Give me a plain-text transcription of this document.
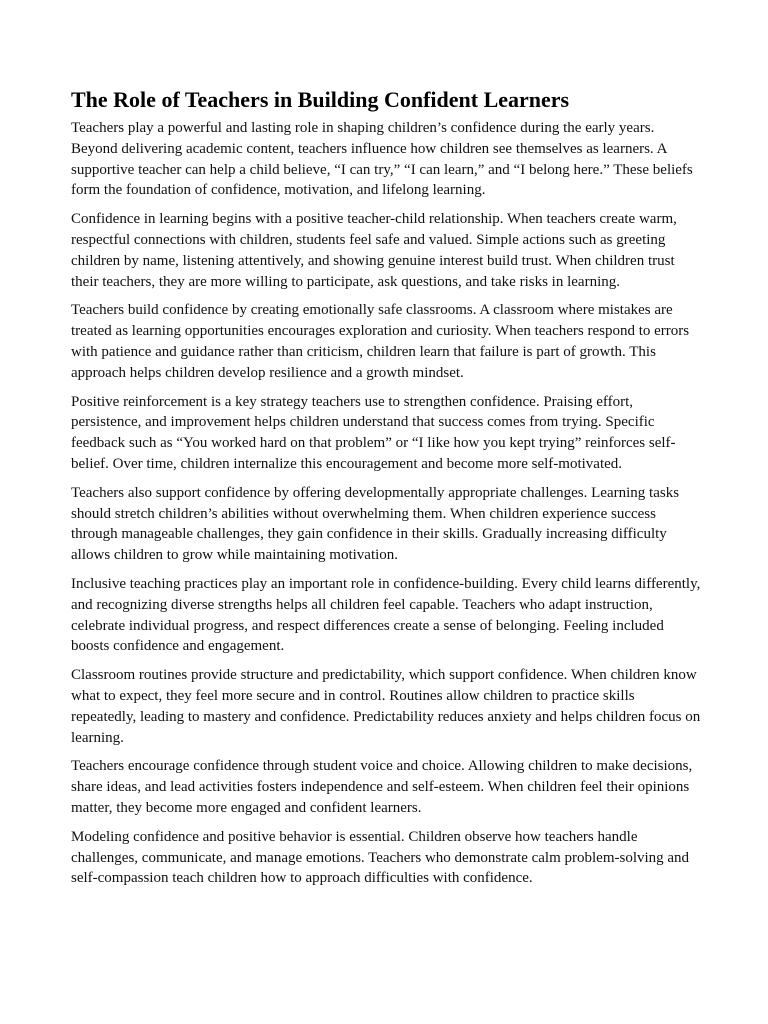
The Role of Teachers in Building Confident Learners

Teachers play a powerful and lasting role in shaping children’s confidence during the early years. Beyond delivering academic content, teachers influence how children see themselves as learners. A supportive teacher can help a child believe, “I can try,” “I can learn,” and “I belong here.” These beliefs form the foundation of confidence, motivation, and lifelong learning.

Confidence in learning begins with a positive teacher-child relationship. When teachers create warm, respectful connections with children, students feel safe and valued. Simple actions such as greeting children by name, listening attentively, and showing genuine interest build trust. When children trust their teachers, they are more willing to participate, ask questions, and take risks in learning.

Teachers build confidence by creating emotionally safe classrooms. A classroom where mistakes are treated as learning opportunities encourages exploration and curiosity. When teachers respond to errors with patience and guidance rather than criticism, children learn that failure is part of growth. This approach helps children develop resilience and a growth mindset.

Positive reinforcement is a key strategy teachers use to strengthen confidence. Praising effort, persistence, and improvement helps children understand that success comes from trying. Specific feedback such as “You worked hard on that problem” or “I like how you kept trying” reinforces self-belief. Over time, children internalize this encouragement and become more self-motivated.

Teachers also support confidence by offering developmentally appropriate challenges. Learning tasks should stretch children’s abilities without overwhelming them. When children experience success through manageable challenges, they gain confidence in their skills. Gradually increasing difficulty allows children to grow while maintaining motivation.

Inclusive teaching practices play an important role in confidence-building. Every child learns differently, and recognizing diverse strengths helps all children feel capable. Teachers who adapt instruction, celebrate individual progress, and respect differences create a sense of belonging. Feeling included boosts confidence and engagement.

Classroom routines provide structure and predictability, which support confidence. When children know what to expect, they feel more secure and in control. Routines allow children to practice skills repeatedly, leading to mastery and confidence. Predictability reduces anxiety and helps children focus on learning.

Teachers encourage confidence through student voice and choice. Allowing children to make decisions, share ideas, and lead activities fosters independence and self-esteem. When children feel their opinions matter, they become more engaged and confident learners.

Modeling confidence and positive behavior is essential. Children observe how teachers handle challenges, communicate, and manage emotions. Teachers who demonstrate calm problem-solving and self-compassion teach children how to approach difficulties with confidence.
